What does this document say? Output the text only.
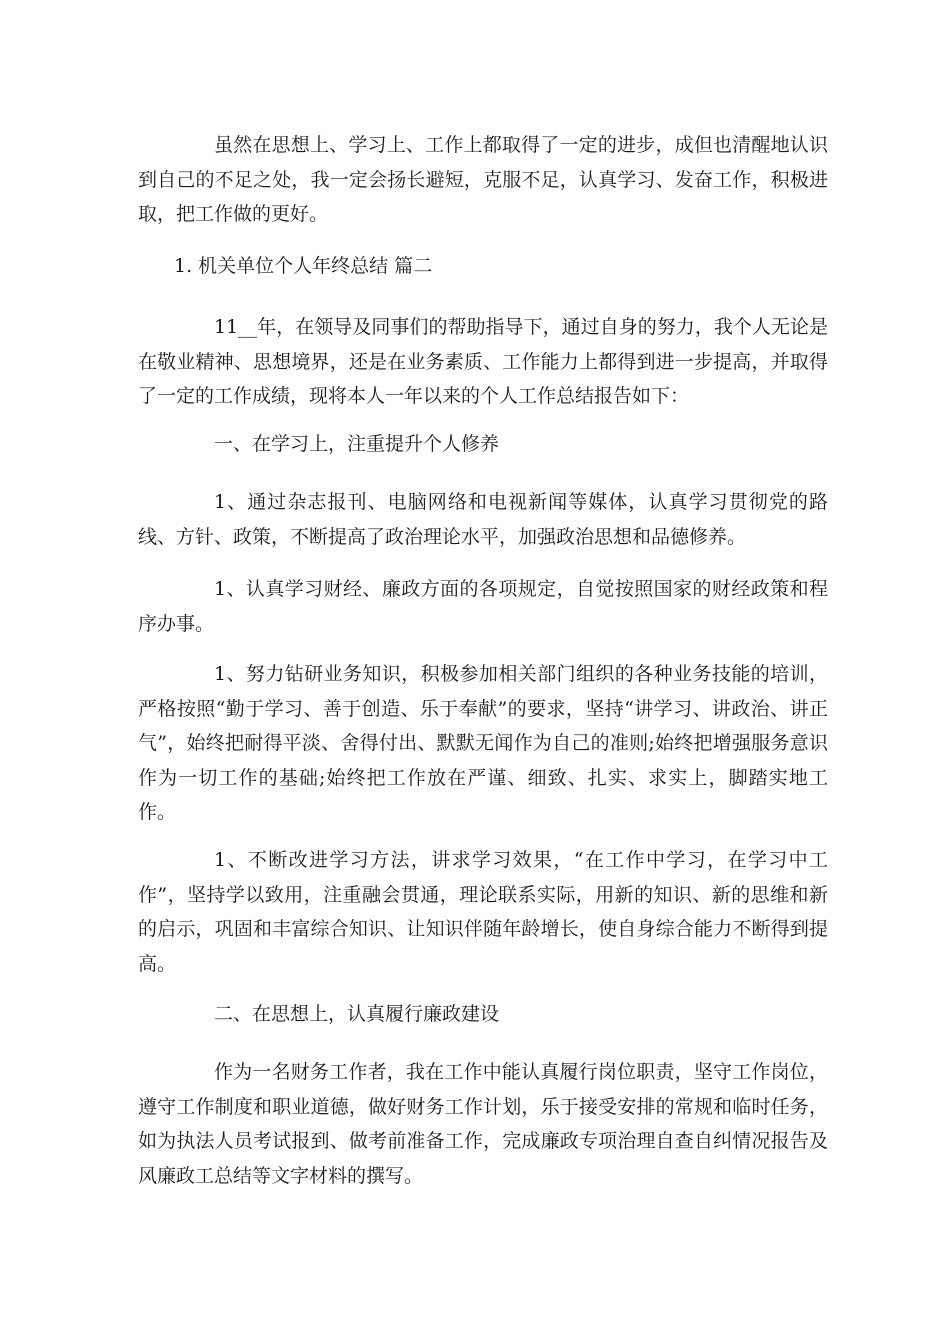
虽然在思想上、学习上、工作上都取得了一定的进步，成但也清醒地认识到自己的不足之处，我一定会扬长避短，克服不足，认真学习、发奋工作，积极进取，把工作做的更好。

1. 机关单位个人年终总结 篇二

11__年，在领导及同事们的帮助指导下，通过自身的努力，我个人无论是在敬业精神、思想境界，还是在业务素质、工作能力上都得到进一步提高，并取得了一定的工作成绩，现将本人一年以来的个人工作总结报告如下：

一、在学习上，注重提升个人修养

1、通过杂志报刊、电脑网络和电视新闻等媒体，认真学习贯彻党的路线、方针、政策，不断提高了政治理论水平，加强政治思想和品德修养。

1、认真学习财经、廉政方面的各项规定，自觉按照国家的财经政策和程序办事。

1、努力钻研业务知识，积极参加相关部门组织的各种业务技能的培训，严格按照“勤于学习、善于创造、乐于奉献”的要求，坚持“讲学习、讲政治、讲正气”，始终把耐得平淡、舍得付出、默默无闻作为自己的准则;始终把增强服务意识作为一切工作的基础;始终把工作放在严谨、细致、扎实、求实上，脚踏实地工作。

1、不断改进学习方法，讲求学习效果，“在工作中学习，在学习中工作”，坚持学以致用，注重融会贯通，理论联系实际，用新的知识、新的思维和新的启示，巩固和丰富综合知识、让知识伴随年龄增长，使自身综合能力不断得到提高。

二、在思想上，认真履行廉政建设

作为一名财务工作者，我在工作中能认真履行岗位职责，坚守工作岗位，遵守工作制度和职业道德，做好财务工作计划，乐于接受安排的常规和临时任务，如为执法人员考试报到、做考前准备工作，完成廉政专项治理自查自纠情况报告及风廉政工总结等文字材料的撰写。
